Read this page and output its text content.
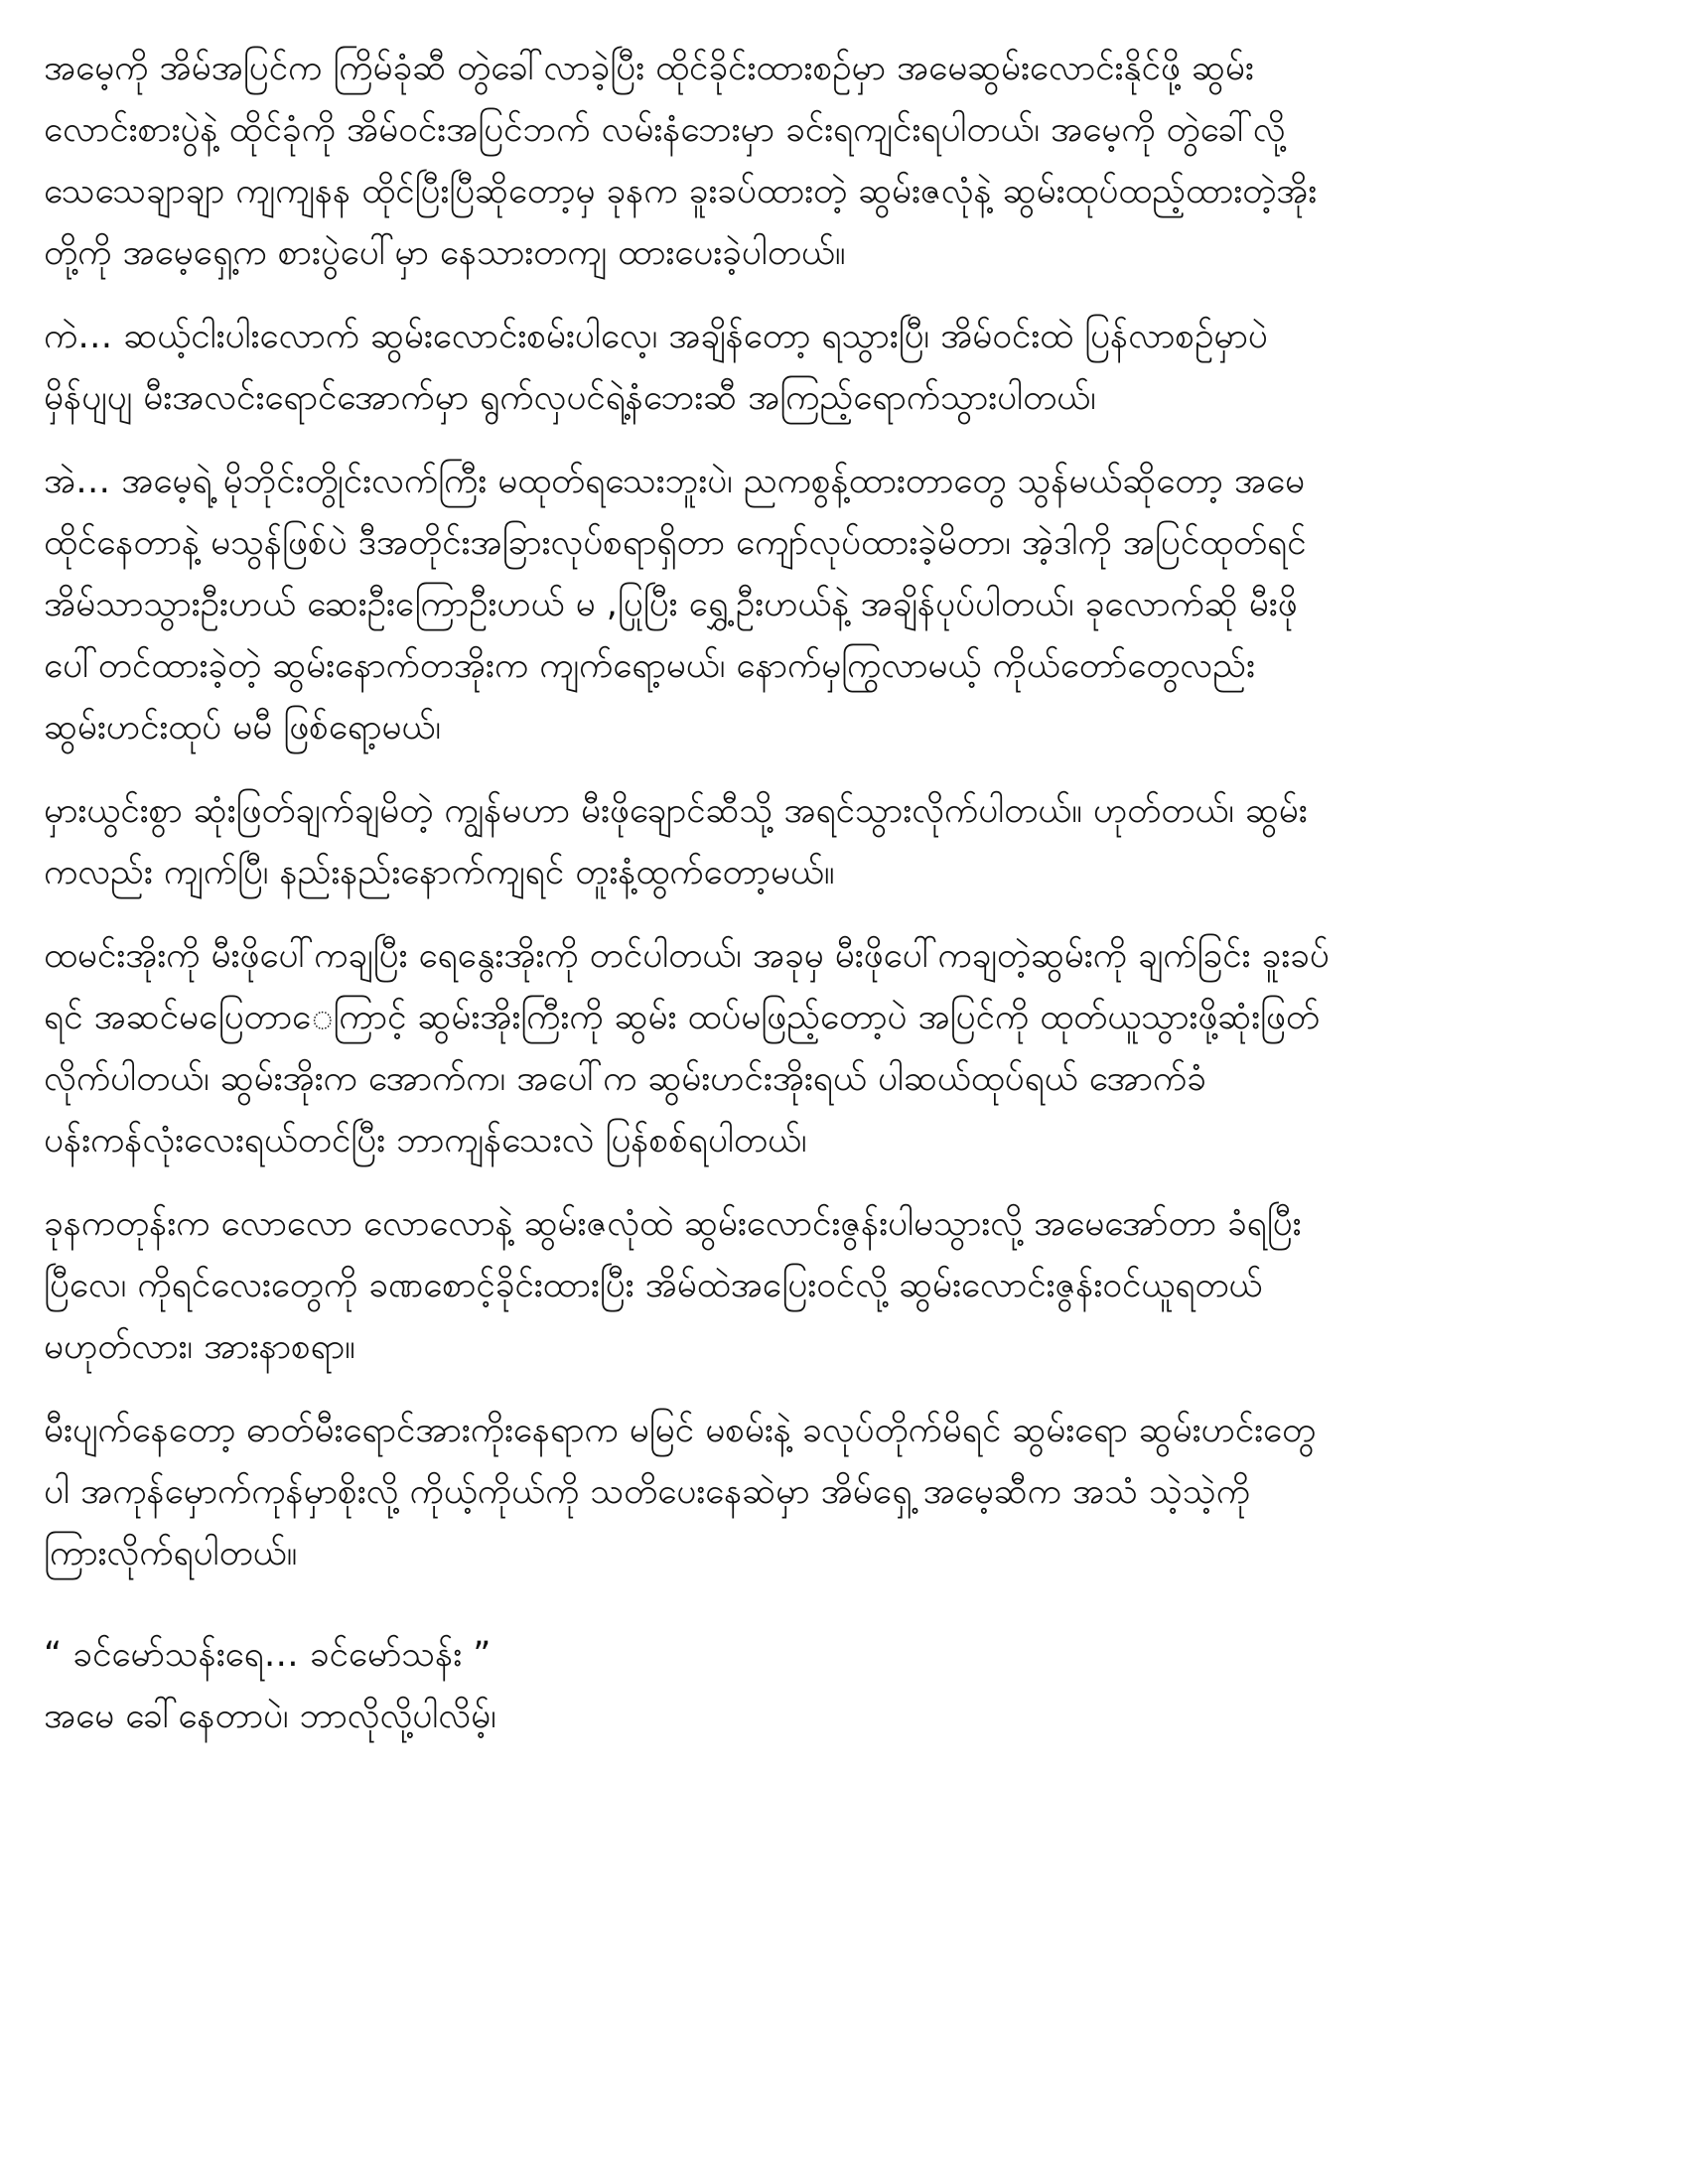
အမေ့ကို အိမ်အပြင်က ကြိမ်ခုံဆီ တွဲခေါ်လာခဲ့ပြီး ထိုင်ခိုင်းထားစဉ်မှာ အမေဆွမ်းလောင်းနိုင်ဖို့ ဆွမ်း
လောင်းစားပွဲနဲ့ ထိုင်ခုံကို အိမ်ဝင်းအပြင်ဘက် လမ်းနံဘေးမှာ ခင်းရကျင်းရပါတယ်၊ အမေ့ကို တွဲခေါ်လို့
သေသေချာချာ ကျကျနန ထိုင်ပြီးပြီဆိုတော့မှ ခုနက ခူးခပ်ထားတဲ့ ဆွမ်းဇလုံနဲ့ ဆွမ်းထုပ်ထည့်ထားတဲ့အိုး
တို့ကို အမေ့ရှေ့က စားပွဲပေါ်မှာ နေသားတကျ ထားပေးခဲ့ပါတယ်။
ကဲ… ဆယ့်ငါးပါးလောက် ဆွမ်းလောင်းစမ်းပါလေ့၊ အချိန်တော့ ရသွားပြီ၊ အိမ်ဝင်းထဲ ပြန်လာစဉ်မှာပဲ
မှိန်ပျပျ မီးအလင်းရောင်အောက်မှာ ရွက်လှပင်ရဲ့နံဘေးဆီ အကြည့်ရောက်သွားပါတယ်၊
အဲ… အမေ့ရဲ့ မိုဘိုင်းတွိုင်းလက်ကြီး မထုတ်ရသေးဘူးပဲ၊ ညကစွန့်ထားတာတွေ သွန်မယ်ဆိုတော့ အမေ
ထိုင်နေတာနဲ့ မသွန်ဖြစ်ပဲ ဒီအတိုင်းအခြားလုပ်စရာရှိတာ ကျော်လုပ်ထားခဲ့မိတာ၊ အဲ့ဒါကို အပြင်ထုတ်ရင်
အိမ်သာသွားဦးဟယ် ဆေးဦးကြောဦးဟယ် မ ,ပြုပြီး ရွှေ့ဦးဟယ်နဲ့ အချိန်ပုပ်ပါတယ်၊ ခုလောက်ဆို မီးဖို
ပေါ်တင်ထားခဲ့တဲ့ ဆွမ်းနောက်တအိုးက ကျက်ရော့မယ်၊ နောက်မှကြွလာမယ့် ကိုယ်တော်တွေလည်း
ဆွမ်းဟင်းထုပ် မမီ ဖြစ်ရော့မယ်၊
မှားယွင်းစွာ ဆုံးဖြတ်ချက်ချမိတဲ့ ကျွန်မဟာ မီးဖိုချောင်ဆီသို့ အရင်သွားလိုက်ပါတယ်။ ဟုတ်တယ်၊ ဆွမ်း
ကလည်း ကျက်ပြီ၊ နည်းနည်းနောက်ကျရင် တူးနံ့ထွက်တော့မယ်။
ထမင်းအိုးကို မီးဖိုပေါ်ကချပြီး ရေနွေးအိုးကို တင်ပါတယ်၊ အခုမှ မီးဖိုပေါ်ကချတဲ့ဆွမ်းကို ချက်ခြင်း ခူးခပ်
ရင် အဆင်မပြေတာေကြာင့် ဆွမ်းအိုးကြီးကို ဆွမ်း ထပ်မဖြည့်တော့ပဲ အပြင်ကို ထုတ်ယူသွားဖို့ဆုံးဖြတ်
လိုက်ပါတယ်၊ ဆွမ်းအိုးက အောက်က၊ အပေါ်က ဆွမ်းဟင်းအိုးရယ် ပါဆယ်ထုပ်ရယ် အောက်ခံ
ပန်းကန်လုံးလေးရယ်တင်ပြီး ဘာကျန်သေးလဲ ပြန်စစ်ရပါတယ်၊
ခုနကတုန်းက လောလော လောလောနဲ့ ဆွမ်းဇလုံထဲ ဆွမ်းလောင်းဇွန်းပါမသွားလို့ အမေအော်တာ ခံရပြီး
ပြီလေ၊ ကိုရင်လေးတွေကို ခဏစောင့်ခိုင်းထားပြီး အိမ်ထဲအပြေးဝင်လို့ ဆွမ်းလောင်းဇွန်းဝင်ယူရတယ်
မဟုတ်လား၊ အားနာစရာ။
မီးပျက်နေတော့ ဓာတ်မီးရောင်အားကိုးနေရာက မမြင် မစမ်းနဲ့ ခလုပ်တိုက်မိရင် ဆွမ်းရော ဆွမ်းဟင်းတွေ
ပါ အကုန်မှောက်ကုန်မှာစိုးလို့ ကိုယ့်ကိုယ်ကို သတိပေးနေဆဲမှာ အိမ်ရှေ့ အမေ့ဆီက အသံ သဲ့သဲ့ကို
ကြားလိုက်ရပါတယ်။
“ ခင်မော်သန်းရေ… ခင်မော်သန်း ”
အမေ ခေါ်နေတာပဲ၊ ဘာလိုလို့ပါလိမ့်၊
